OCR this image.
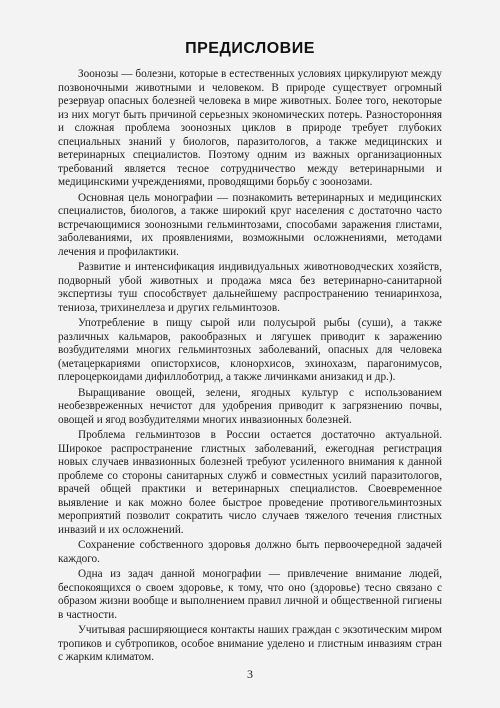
ПРЕДИСЛОВИЕ

Зоонозы — болезни, которые в естественных условиях циркулируют между позвоночными животными и человеком. В природе существует огромный резервуар опасных болезней человека в мире животных. Более того, некоторые из них могут быть причиной серьезных экономических потерь. Разносторонняя и сложная проблема зоонозных циклов в природе требует глубоких специальных знаний у биологов, паразитологов, а также медицинских и ветеринарных специалистов. Поэтому одним из важных организационных требований является тесное сотрудничество между ветеринарными и медицинскими учреждениями, проводящими борьбу с зоонозами.

Основная цель монографии — познакомить ветеринарных и медицинских специалистов, биологов, а также широкий круг населения с достаточно часто встречающимися зоонозными гельминтозами, способами заражения глистами, заболеваниями, их проявлениями, возможными осложнениями, методами лечения и профилактики.

Развитие и интенсификация индивидуальных животноводческих хозяйств, подворный убой животных и продажа мяса без ветеринарно-санитарной экспертизы туш способствует дальнейшему распространению тениаринхоза, тениоза, трихинеллеза и других гельминтозов.

Употребление в пищу сырой или полусырой рыбы (суши), а также различных кальмаров, ракообразных и лягушек приводит к заражению возбудителями многих гельминтозных заболеваний, опасных для человека (метацеркариями описторхисов, клонорхисов, эхинохазм, парагонимусов, плероцеркоидами дифиллоботрид, а также личинками анизакид и др.).

Выращивание овощей, зелени, ягодных культур с использованием необезвреженных нечистот для удобрения приводит к загрязнению почвы, овощей и ягод возбудителями многих инвазионных болезней.

Проблема гельминтозов в России остается достаточно актуальной. Широкое распространение глистных заболеваний, ежегодная регистрация новых случаев инвазионных болезней требуют усиленного внимания к данной проблеме со стороны санитарных служб и совместных усилий паразитологов, врачей общей практики и ветеринарных специалистов. Своевременное выявление и как можно более быстрое проведение противогельминтозных мероприятий позволит сократить число случаев тяжелого течения глистных инвазий и их осложнений.

Сохранение собственного здоровья должно быть первоочередной задачей каждого.

Одна из задач данной монографии — привлечение внимание людей, беспокоящихся о своем здоровье, к тому, что оно (здоровье) тесно связано с образом жизни вообще и выполнением правил личной и общественной гигиены в частности.

Учитывая расширяющиеся контакты наших граждан с экзотическим миром тропиков и субтропиков, особое внимание уделено и глистным инвазиям стран с жарким климатом.

3
